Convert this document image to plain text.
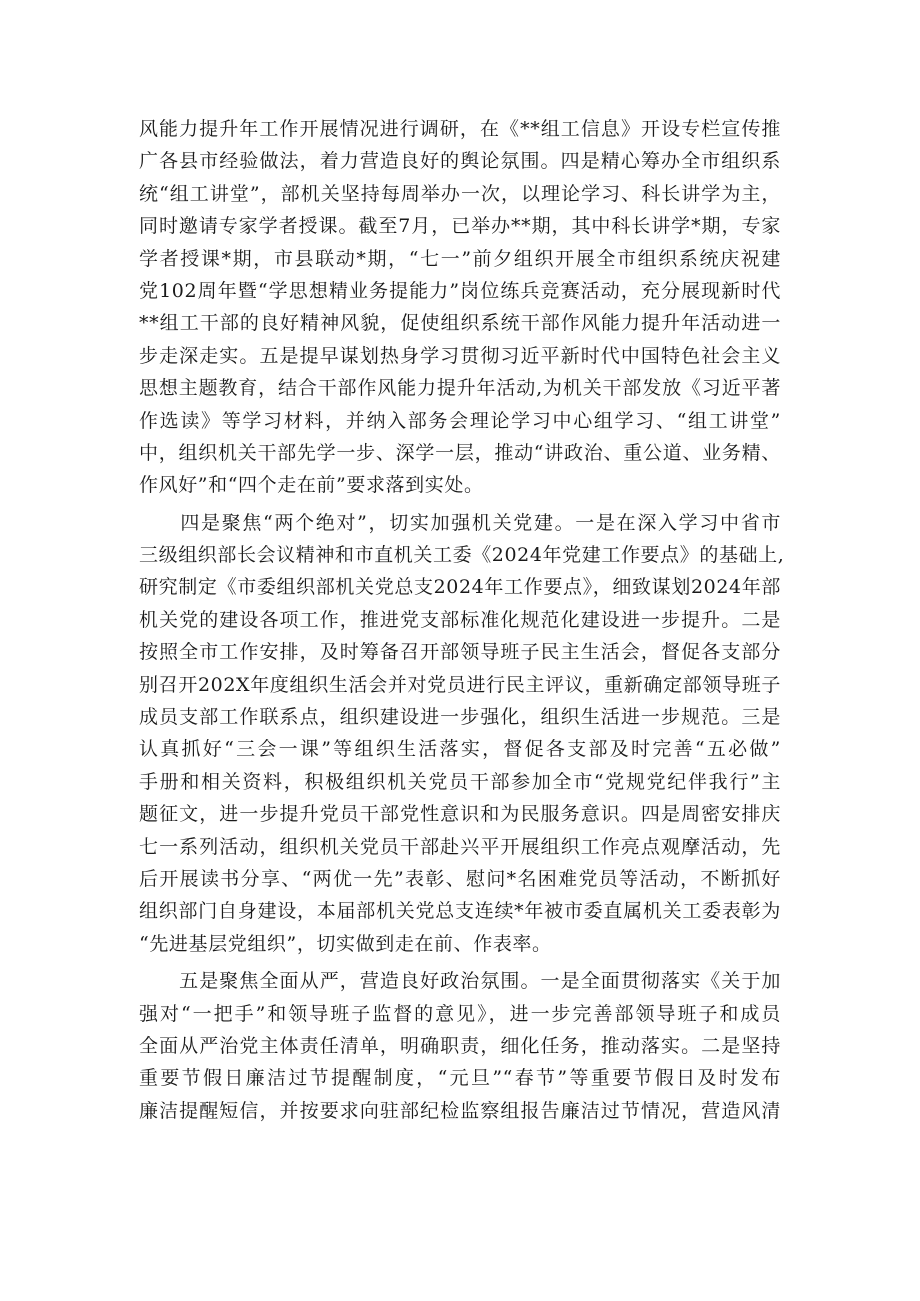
风能力提升年工作开展情况进行调研，在《**组工信息》开设专栏宣传推
广各县市经验做法，着力营造良好的舆论氛围。四是精心筹办全市组织系
统“组工讲堂”，部机关坚持每周举办一次，以理论学习、科长讲学为主，
同时邀请专家学者授课。截至7月，已举办**期，其中科长讲学*期，专家
学者授课*期，市县联动*期，“七一”前夕组织开展全市组织系统庆祝建
党102周年暨“学思想精业务提能力”岗位练兵竞赛活动，充分展现新时代
**组工干部的良好精神风貌，促使组织系统干部作风能力提升年活动进一
步走深走实。五是提早谋划热身学习贯彻习近平新时代中国特色社会主义
思想主题教育，结合干部作风能力提升年活动,为机关干部发放《习近平著
作选读》等学习材料，并纳入部务会理论学习中心组学习、“组工讲堂”
中，组织机关干部先学一步、深学一层，推动“讲政治、重公道、业务精、
作风好”和“四个走在前”要求落到实处。
　　四是聚焦“两个绝对”，切实加强机关党建。一是在深入学习中省市
三级组织部长会议精神和市直机关工委《2024年党建工作要点》的基础上,
研究制定《市委组织部机关党总支2024年工作要点》，细致谋划2024年部
机关党的建设各项工作，推进党支部标准化规范化建设进一步提升。二是
按照全市工作安排，及时筹备召开部领导班子民主生活会，督促各支部分
别召开202X年度组织生活会并对党员进行民主评议，重新确定部领导班子
成员支部工作联系点，组织建设进一步强化，组织生活进一步规范。三是
认真抓好“三会一课”等组织生活落实，督促各支部及时完善“五必做”
手册和相关资料，积极组织机关党员干部参加全市“党规党纪伴我行”主
题征文，进一步提升党员干部党性意识和为民服务意识。四是周密安排庆
七一系列活动，组织机关党员干部赴兴平开展组织工作亮点观摩活动，先
后开展读书分享、“两优一先”表彰、慰问*名困难党员等活动，不断抓好
组织部门自身建设，本届部机关党总支连续*年被市委直属机关工委表彰为
“先进基层党组织”，切实做到走在前、作表率。
　　五是聚焦全面从严，营造良好政治氛围。一是全面贯彻落实《关于加
强对“一把手”和领导班子监督的意见》，进一步完善部领导班子和成员
全面从严治党主体责任清单，明确职责，细化任务，推动落实。二是坚持
重要节假日廉洁过节提醒制度，“元旦”“春节”等重要节假日及时发布
廉洁提醒短信，并按要求向驻部纪检监察组报告廉洁过节情况，营造风清
